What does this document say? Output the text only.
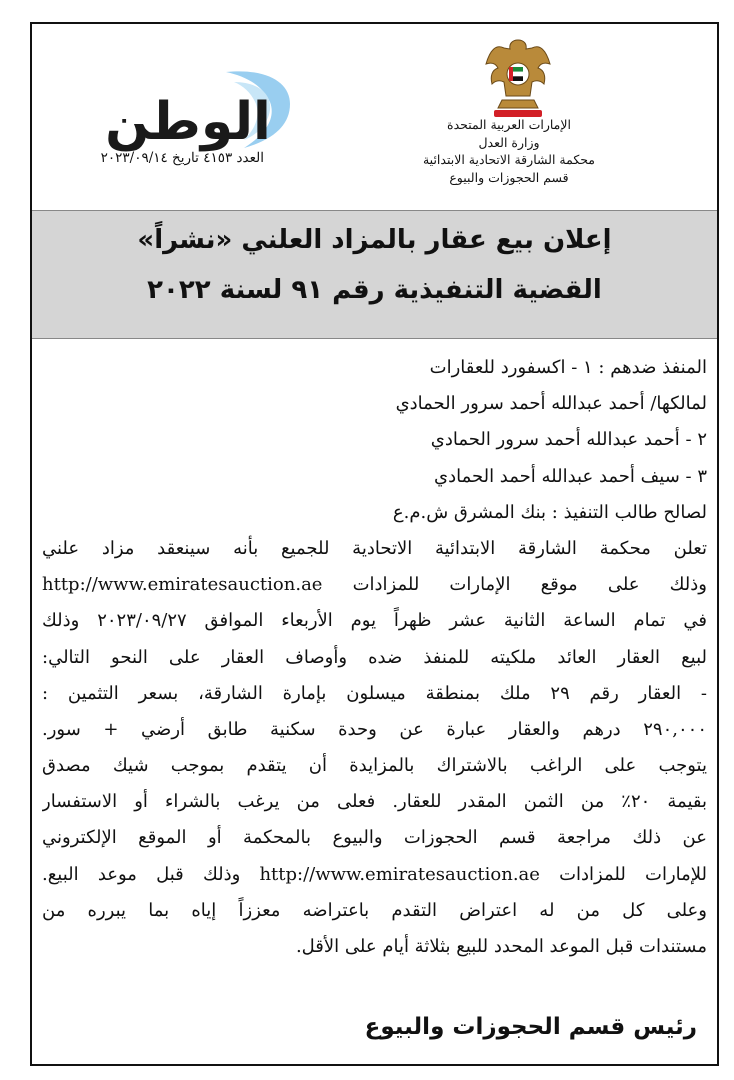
الإمارات العربية المتحدة
وزارة العدل
محكمة الشارقة الاتحادية الابتدائية
قسم الحجوزات والبيوع
الوطن
العدد ٤١٥٣ تاريخ ٢٠٢٣/٠٩/١٤
إعلان بيع عقار بالمزاد العلني «نشراً»
القضية التنفيذية رقم ٩١ لسنة ٢٠٢٢
المنفذ ضدهم : ١ - اكسفورد للعقارات
لمالكها/ أحمد عبدالله أحمد سرور الحمادي
٢ - أحمد عبدالله أحمد سرور الحمادي
٣ - سيف أحمد عبدالله أحمد الحمادي
لصالح طالب التنفيذ : بنك المشرق ش.م.ع
تعلن محكمة الشارقة الابتدائية الاتحادية للجميع بأنه سينعقد مزاد علني
وذلك على موقع الإمارات للمزادات http://www.emiratesauction.ae
في تمام الساعة الثانية عشر ظهراً يوم الأربعاء الموافق ٢٠٢٣/٠٩/٢٧ وذلك
لبيع العقار العائد ملكيته للمنفذ ضده وأوصاف العقار على النحو التالي:
- العقار رقم ٢٩ ملك بمنطقة ميسلون بإمارة الشارقة، بسعر التثمين :
٢٩٠,٠٠٠ درهم والعقار عبارة عن وحدة سكنية طابق أرضي + سور.
يتوجب على الراغب بالاشتراك بالمزايدة أن يتقدم بموجب شيك مصدق
بقيمة ٢٠٪ من الثمن المقدر للعقار. فعلى من يرغب بالشراء أو الاستفسار
عن ذلك مراجعة قسم الحجوزات والبيوع بالمحكمة أو الموقع الإلكتروني
للإمارات للمزادات http://www.emiratesauction.ae وذلك قبل موعد البيع.
وعلى كل من له اعتراض التقدم باعتراضه معززاً إياه بما يبرره من
مستندات قبل الموعد المحدد للبيع بثلاثة أيام على الأقل.
رئيس قسم الحجوزات والبيوع
